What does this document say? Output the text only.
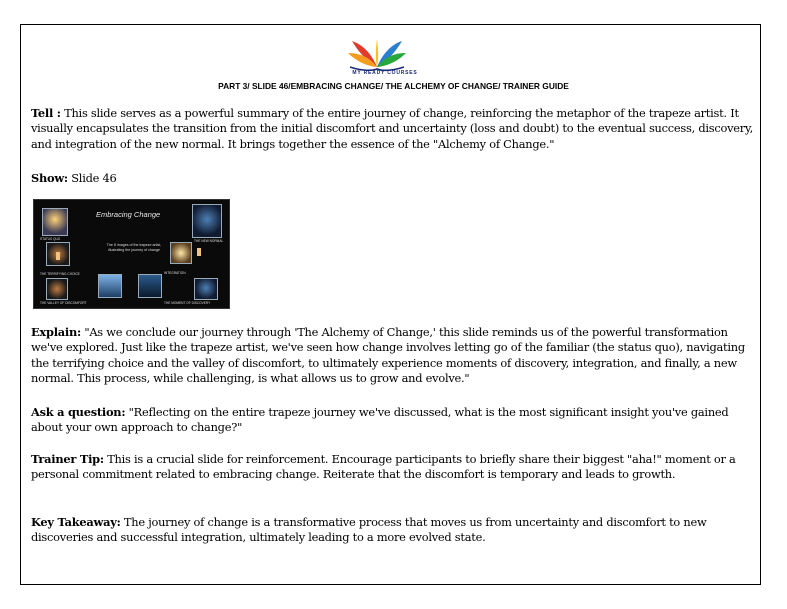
MY READY COURSES
PART 3/ SLIDE 46/EMBRACING CHANGE/ THE ALCHEMY OF CHANGE/ TRAINER GUIDE
Tell : This slide serves as a powerful summary of the entire journey of change, reinforcing the metaphor of the trapeze artist. It visually encapsulates the transition from the initial discomfort and uncertainty (loss and doubt) to the eventual success, discovery, and integration of the new normal. It brings together the essence of the "Alchemy of Change."
Show: Slide 46
Embracing Change
The 8 images of the trapeze artist, illustrating the journey of change
STATUS QUO	THE NEW NORMAL
THE TERRIFYING CHOICE	INTEGRATION
THE VALLEY OF DISCOMFORT	THE MOMENT OF DISCOVERY
Explain: "As we conclude our journey through 'The Alchemy of Change,' this slide reminds us of the powerful transformation we've explored. Just like the trapeze artist, we've seen how change involves letting go of the familiar (the status quo), navigating the terrifying choice and the valley of discomfort, to ultimately experience moments of discovery, integration, and finally, a new normal. This process, while challenging, is what allows us to grow and evolve."
Ask a question: "Reflecting on the entire trapeze journey we've discussed, what is the most significant insight you've gained about your own approach to change?"
Trainer Tip: This is a crucial slide for reinforcement. Encourage participants to briefly share their biggest "aha!" moment or a personal commitment related to embracing change. Reiterate that the discomfort is temporary and leads to growth.
Key Takeaway: The journey of change is a transformative process that moves us from uncertainty and discomfort to new discoveries and successful integration, ultimately leading to a more evolved state.
